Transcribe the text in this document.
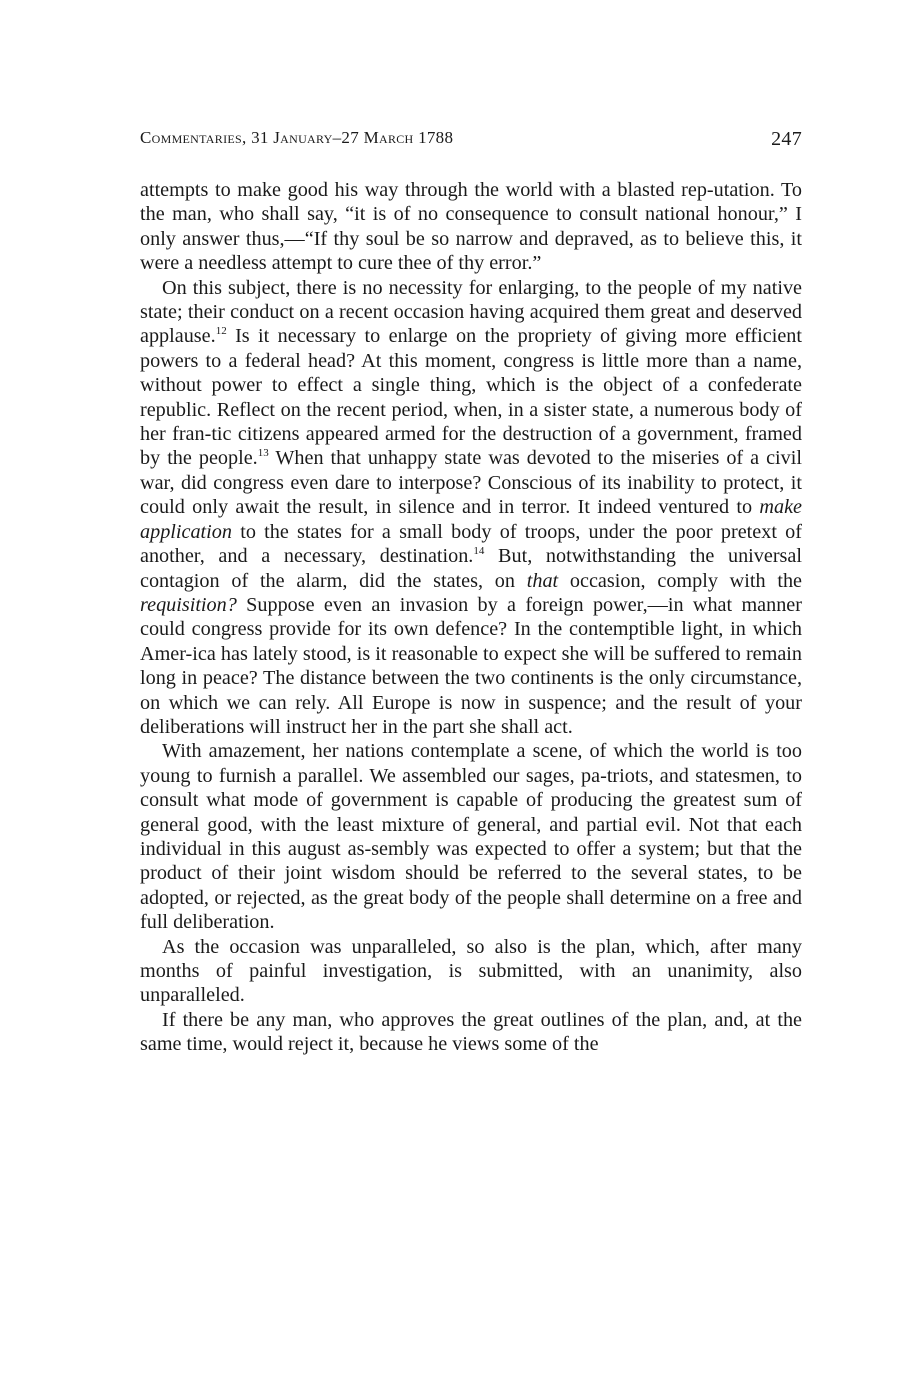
Commentaries, 31 January–27 March 1788	247

attempts to make good his way through the world with a blasted rep-utation. To the man, who shall say, “it is of no consequence to consult national honour,” I only answer thus,—“If thy soul be so narrow and depraved, as to believe this, it were a needless attempt to cure thee of thy error.”

On this subject, there is no necessity for enlarging, to the people of my native state; their conduct on a recent occasion having acquired them great and deserved applause.$^{12}$ Is it necessary to enlarge on the propriety of giving more efficient powers to a federal head? At this moment, congress is little more than a name, without power to effect a single thing, which is the object of a confederate republic. Reflect on the recent period, when, in a sister state, a numerous body of her fran-tic citizens appeared armed for the destruction of a government, framed by the people.$^{13}$ When that unhappy state was devoted to the miseries of a civil war, did congress even dare to interpose? Conscious of its inability to protect, it could only await the result, in silence and in terror. It indeed ventured to make application to the states for a small body of troops, under the poor pretext of another, and a necessary, destination.$^{14}$ But, notwithstanding the universal contagion of the alarm, did the states, on that occasion, comply with the requisition? Suppose even an invasion by a foreign power,—in what manner could congress provide for its own defence? In the contemptible light, in which Amer-ica has lately stood, is it reasonable to expect she will be suffered to remain long in peace? The distance between the two continents is the only circumstance, on which we can rely. All Europe is now in suspence; and the result of your deliberations will instruct her in the part she shall act.

With amazement, her nations contemplate a scene, of which the world is too young to furnish a parallel. We assembled our sages, pa-triots, and statesmen, to consult what mode of government is capable of producing the greatest sum of general good, with the least mixture of general, and partial evil. Not that each individual in this august as-sembly was expected to offer a system; but that the product of their joint wisdom should be referred to the several states, to be adopted, or rejected, as the great body of the people shall determine on a free and full deliberation.

As the occasion was unparalleled, so also is the plan, which, after many months of painful investigation, is submitted, with an unanimity, also unparalleled.

If there be any man, who approves the great outlines of the plan, and, at the same time, would reject it, because he views some of the
